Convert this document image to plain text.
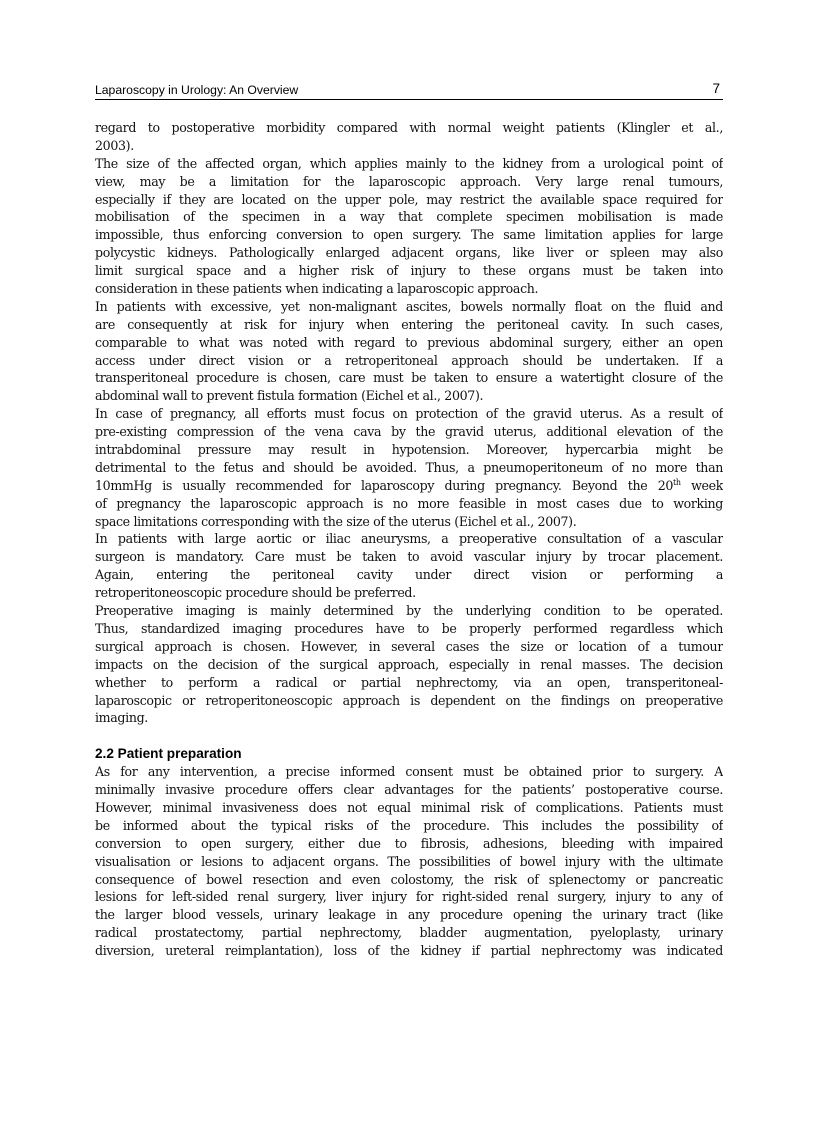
Laparoscopy in Urology: An Overview	7

regard to postoperative morbidity compared with normal weight patients (Klingler et al.,
2003).

The size of the affected organ, which applies mainly to the kidney from a urological point of
view, may be a limitation for the laparoscopic approach. Very large renal tumours,
especially if they are located on the upper pole, may restrict the available space required for
mobilisation of the specimen in a way that complete specimen mobilisation is made
impossible, thus enforcing conversion to open surgery. The same limitation applies for large
polycystic kidneys. Pathologically enlarged adjacent organs, like liver or spleen may also
limit surgical space and a higher risk of injury to these organs must be taken into
consideration in these patients when indicating a laparoscopic approach.

In patients with excessive, yet non-malignant ascites, bowels normally float on the fluid and
are consequently at risk for injury when entering the peritoneal cavity. In such cases,
comparable to what was noted with regard to previous abdominal surgery, either an open
access under direct vision or a retroperitoneal approach should be undertaken. If a
transperitoneal procedure is chosen, care must be taken to ensure a watertight closure of the
abdominal wall to prevent fistula formation (Eichel et al., 2007).

In case of pregnancy, all efforts must focus on protection of the gravid uterus. As a result of
pre-existing compression of the vena cava by the gravid uterus, additional elevation of the
intrabdominal pressure may result in hypotension. Moreover, hypercarbia might be
detrimental to the fetus and should be avoided. Thus, a pneumoperitoneum of no more than
10mmHg is usually recommended for laparoscopy during pregnancy. Beyond the 20th week
of pregnancy the laparoscopic approach is no more feasible in most cases due to working
space limitations corresponding with the size of the uterus (Eichel et al., 2007).

In patients with large aortic or iliac aneurysms, a preoperative consultation of a vascular
surgeon is mandatory. Care must be taken to avoid vascular injury by trocar placement.
Again, entering the peritoneal cavity under direct vision or performing a
retroperitoneoscopic procedure should be preferred.

Preoperative imaging is mainly determined by the underlying condition to be operated.
Thus, standardized imaging procedures have to be properly performed regardless which
surgical approach is chosen. However, in several cases the size or location of a tumour
impacts on the decision of the surgical approach, especially in renal masses. The decision
whether to perform a radical or partial nephrectomy, via an open, transperitoneal-
laparoscopic or retroperitoneoscopic approach is dependent on the findings on preoperative
imaging.

2.2 Patient preparation

As for any intervention, a precise informed consent must be obtained prior to surgery. A
minimally invasive procedure offers clear advantages for the patients’ postoperative course.
However, minimal invasiveness does not equal minimal risk of complications. Patients must
be informed about the typical risks of the procedure. This includes the possibility of
conversion to open surgery, either due to fibrosis, adhesions, bleeding with impaired
visualisation or lesions to adjacent organs. The possibilities of bowel injury with the ultimate
consequence of bowel resection and even colostomy, the risk of splenectomy or pancreatic
lesions for left-sided renal surgery, liver injury for right-sided renal surgery, injury to any of
the larger blood vessels, urinary leakage in any procedure opening the urinary tract (like
radical prostatectomy, partial nephrectomy, bladder augmentation, pyeloplasty, urinary
diversion, ureteral reimplantation), loss of the kidney if partial nephrectomy was indicated
